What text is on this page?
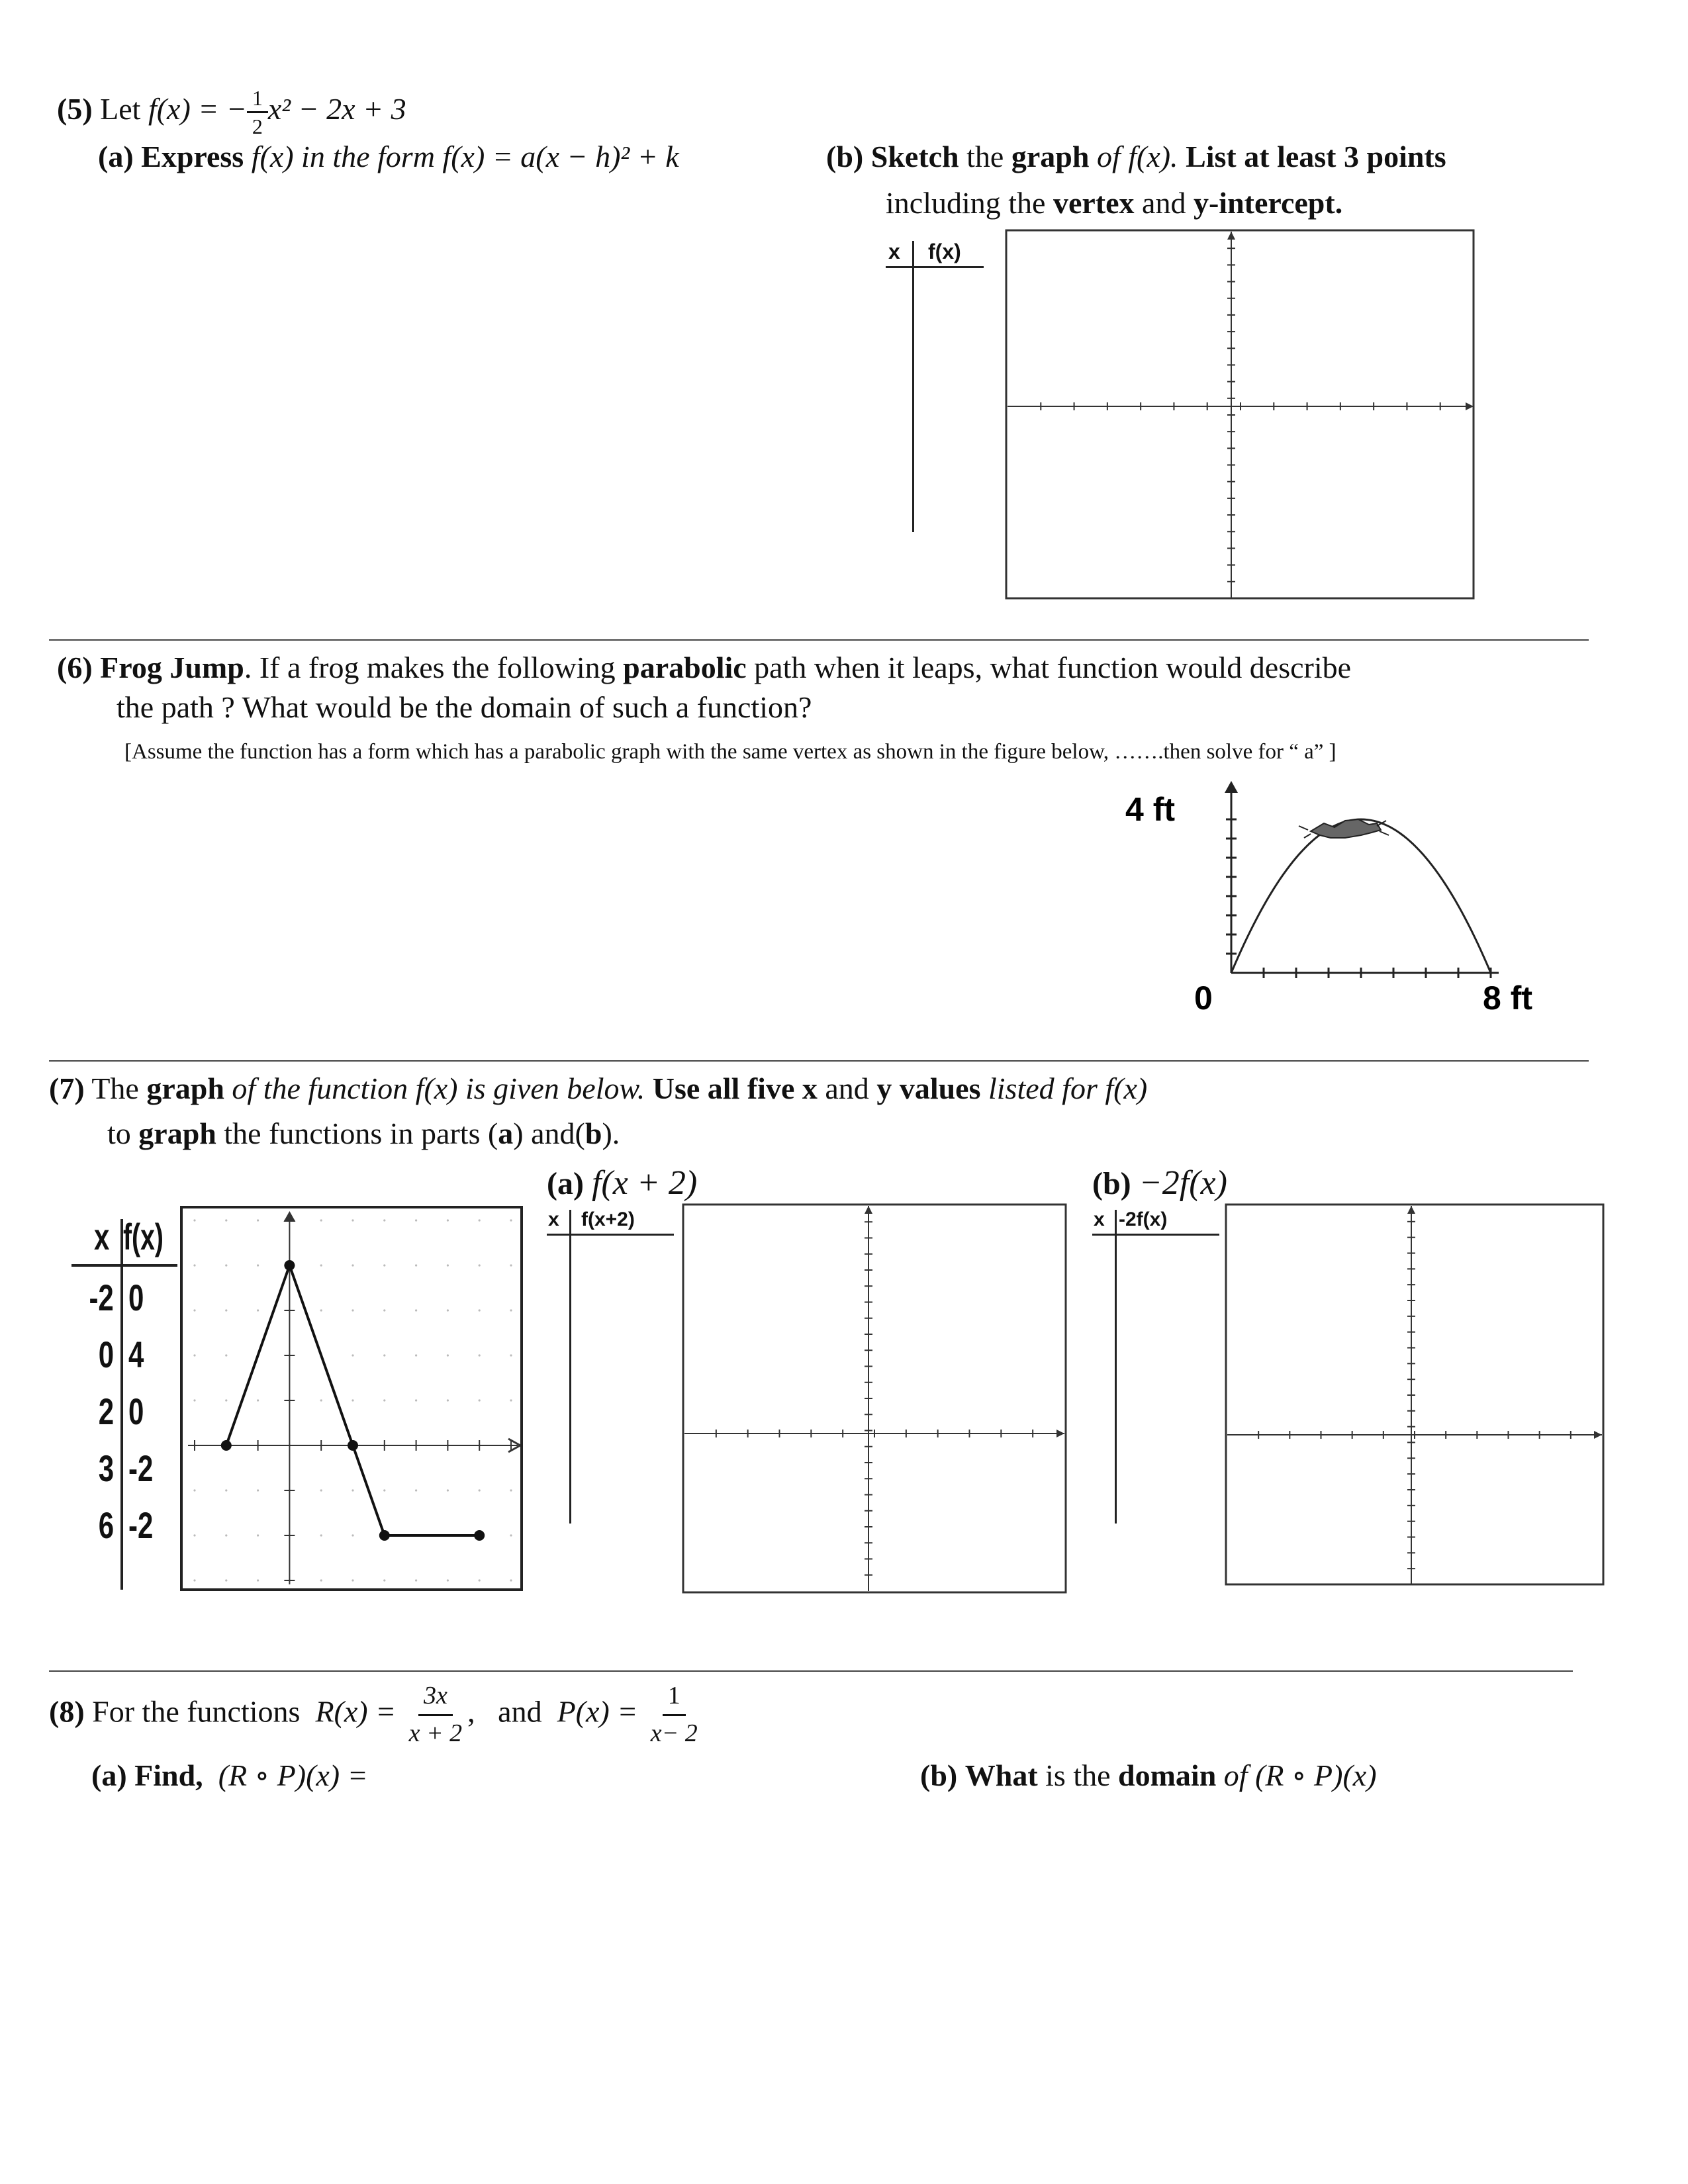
(5) Let f(x) = − $\frac{1}{2} x^2 - 2x + 3$
(a) Express f(x) in the form f(x) = a(x − h)² + k	(b) Sketch the graph of f(x). List at least 3 points
including the vertex and y-intercept.
x f(x)
(6) Frog Jump. If a frog makes the following parabolic path when it leaps, what function would describe
the path ? What would be the domain of such a function?
[Assume the function has a form which has a parabolic graph with the same vertex as shown in the figure below, …….then solve for “ a” ]
4 ft
0	8 ft
(7) The graph of the function f(x) is given below. Use all five x and y values listed for f(x)
to graph the functions in parts (a) and(b).
(a) f(x + 2)	(b) −2f(x)
x f(x)
-2 0
0 4
2 0
3 -2
6 -2
x f(x+2)	x -2f(x)
(8) For the functions $R(x) = \frac{3x}{x + 2}$ , and $P(x) = \frac{1}{x- 2}$
(a) Find, (R ∘ P)(x) =	(b) What is the domain of (R ∘ P)(x)
